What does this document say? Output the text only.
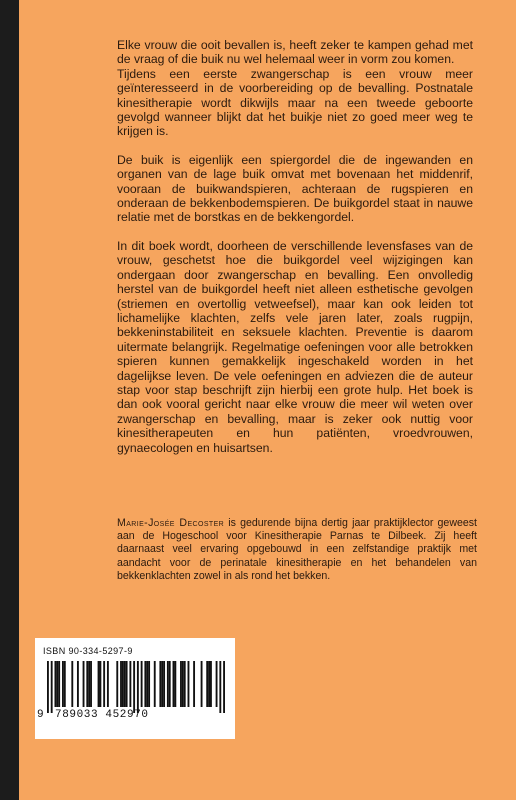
Elke vrouw die ooit bevallen is, heeft zeker te kampen gehad met de vraag of die buik nu wel helemaal weer in vorm zou komen.

Tijdens een eerste zwangerschap is een vrouw meer geïnteresseerd in de voorbereiding op de bevalling. Postnatale kinesitherapie wordt dikwijls maar na een tweede geboorte gevolgd wanneer blijkt dat het buikje niet zo goed meer weg te krijgen is.

De buik is eigenlijk een spiergordel die de ingewanden en organen van de lage buik omvat met bovenaan het middenrif, vooraan de buikwandspieren, achteraan de rugspieren en onderaan de bekkenbodemspieren. De buikgordel staat in nauwe relatie met de borstkas en de bekkengordel.

In dit boek wordt, doorheen de verschillende levensfases van de vrouw, geschetst hoe die buikgordel veel wijzigingen kan ondergaan door zwangerschap en bevalling. Een onvolledig herstel van de buikgordel heeft niet alleen esthetische gevolgen (striemen en overtollig vetweefsel), maar kan ook leiden tot lichamelijke klachten, zelfs vele jaren later, zoals rugpijn, bekkeninstabiliteit en seksuele klachten. Preventie is daarom uitermate belangrijk. Regelmatige oefeningen voor alle betrokken spieren kunnen gemakkelijk ingeschakeld worden in het dagelijkse leven. De vele oefeningen en adviezen die de auteur stap voor stap beschrijft zijn hierbij een grote hulp. Het boek is dan ook vooral gericht naar elke vrouw die meer wil weten over zwangerschap en bevalling, maar is zeker ook nuttig voor kinesitherapeuten en hun patiënten, vroedvrouwen, gynaecologen en huisartsen.

Marie-Josée Decoster is gedurende bijna dertig jaar praktijklector geweest aan de Hogeschool voor Kinesitherapie Parnas te Dilbeek. Zij heeft daarnaast veel ervaring opgebouwd in een zelfstandige praktijk met aandacht voor de perinatale kinesitherapie en het behandelen van bekkenklachten zowel in als rond het bekken.
ISBN 90-334-5297-9
9 789033 452970
